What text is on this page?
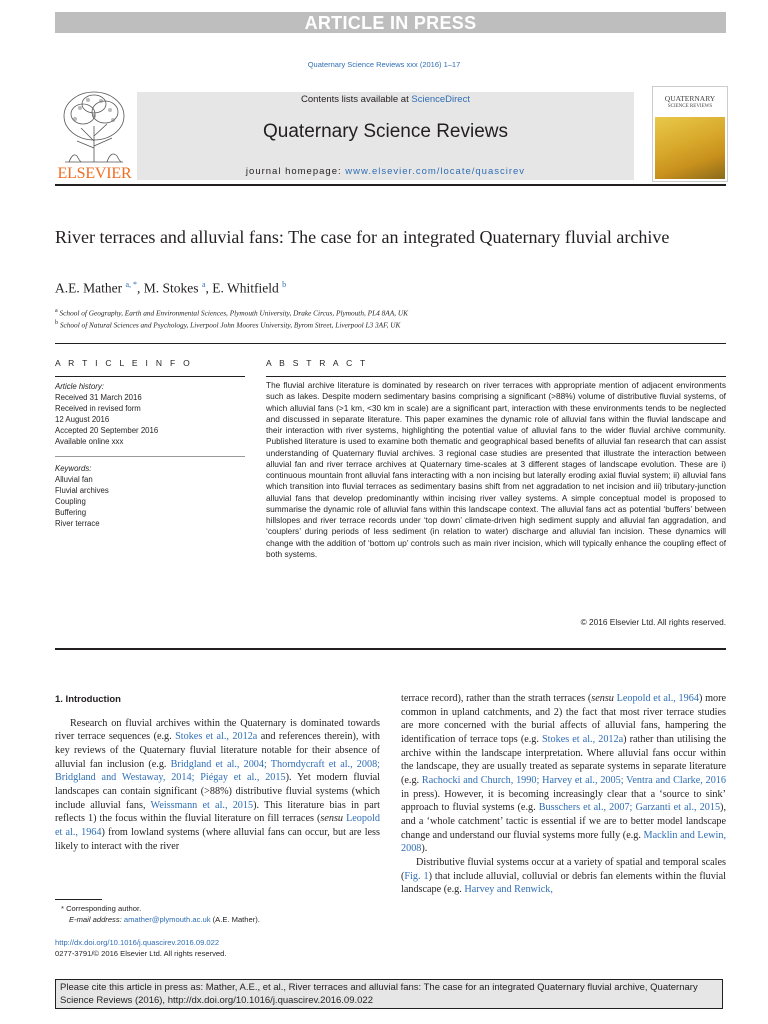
ARTICLE IN PRESS
Quaternary Science Reviews xxx (2016) 1–17
ELSEVIER
Contents lists available at ScienceDirect
Quaternary Science Reviews
journal homepage: www.elsevier.com/locate/quascirev
QUATERNARY
SCIENCE REVIEWS
River terraces and alluvial fans: The case for an integrated Quaternary fluvial archive
A.E. Mather $^{a, *}$, M. Stokes $^a$, E. Whitfield $^b$
$^a$ School of Geography, Earth and Environmental Sciences, Plymouth University, Drake Circus, Plymouth, PL4 8AA, UK
$^b$ School of Natural Sciences and Psychology, Liverpool John Moores University, Byrom Street, Liverpool L3 3AF, UK
A R T I C L E I N F O	A B S T R A C T
Article history:
Received 31 March 2016
Received in revised form
12 August 2016
Accepted 20 September 2016
Available online xxx
Keywords:
Alluvial fan
Fluvial archives
Coupling
Buffering
River terrace
The fluvial archive literature is dominated by research on river terraces with appropriate mention of adjacent environments such as lakes. Despite modern sedimentary basins comprising a significant (>88%) volume of distributive fluvial systems, of which alluvial fans (>1 km, <30 km in scale) are a significant part, interaction with these environments tends to be neglected and discussed in separate literature. This paper examines the dynamic role of alluvial fans within the fluvial landscape and their interaction with river systems, highlighting the potential value of alluvial fans to the wider fluvial archive community. Published literature is used to examine both thematic and geographical based benefits of alluvial fan research that can assist understanding of Quaternary fluvial archives. 3 regional case studies are presented that illustrate the interaction between alluvial fan and river terrace archives at Quaternary time-scales at 3 different stages of landscape evolution. These are i) continuous mountain front alluvial fans interacting with a non incising but laterally eroding axial fluvial system; ii) alluvial fans which transition into fluvial terraces as sedimentary basins shift from net aggradation to net incision and iii) tributary-junction alluvial fans that develop predominantly within incising river valley systems. A simple conceptual model is proposed to summarise the dynamic role of alluvial fans within this landscape context. The alluvial fans act as potential ‘buffers’ between hillslopes and river terrace records under ‘top down’ climate-driven high sediment supply and alluvial fan aggradation, and ‘couplers’ during periods of less sediment (in relation to water) discharge and alluvial fan incision. These dynamics will change with the addition of ‘bottom up’ controls such as main river incision, which will typically enhance the coupling effect of both systems.
© 2016 Elsevier Ltd. All rights reserved.
1. Introduction

Research on fluvial archives within the Quaternary is dominated towards river terrace sequences (e.g. Stokes et al., 2012a and references therein), with key reviews of the Quaternary fluvial literature notable for their absence of alluvial fan inclusion (e.g. Bridgland et al., 2004; Thorndycraft et al., 2008; Bridgland and Westaway, 2014; Piégay et al., 2015). Yet modern fluvial landscapes can contain significant (>88%) distributive fluvial systems (which include alluvial fans, Weissmann et al., 2015). This literature bias in part reflects 1) the focus within the fluvial literature on fill terraces (sensu Leopold et al., 1964) from lowland systems (where alluvial fans can occur, but are less likely to interact with the river

terrace record), rather than the strath terraces (sensu Leopold et al., 1964) more common in upland catchments, and 2) the fact that most river terrace studies are more concerned with the burial affects of alluvial fans, hampering the identification of terrace tops (e.g. Stokes et al., 2012a) rather than utilising the archive within the landscape interpretation. Where alluvial fans occur within the landscape, they are usually treated as separate systems in separate literature (e.g. Rachocki and Church, 1990; Harvey et al., 2005; Ventra and Clarke, 2016 in press). However, it is becoming increasingly clear that a ‘source to sink’ approach to fluvial systems (e.g. Busschers et al., 2007; Garzanti et al., 2015), and a ‘whole catchment’ tactic is essential if we are to better model landscape change and understand our fluvial systems more fully (e.g. Macklin and Lewin, 2008).

Distributive fluvial systems occur at a variety of spatial and temporal scales (Fig. 1) that include alluvial, colluvial or debris fan elements within the fluvial landscape (e.g. Harvey and Renwick,

* Corresponding author.
E-mail address: amather@plymouth.ac.uk (A.E. Mather).
http://dx.doi.org/10.1016/j.quascirev.2016.09.022
0277-3791/© 2016 Elsevier Ltd. All rights reserved.
Please cite this article in press as: Mather, A.E., et al., River terraces and alluvial fans: The case for an integrated Quaternary fluvial archive, Quaternary Science Reviews (2016), http://dx.doi.org/10.1016/j.quascirev.2016.09.022
